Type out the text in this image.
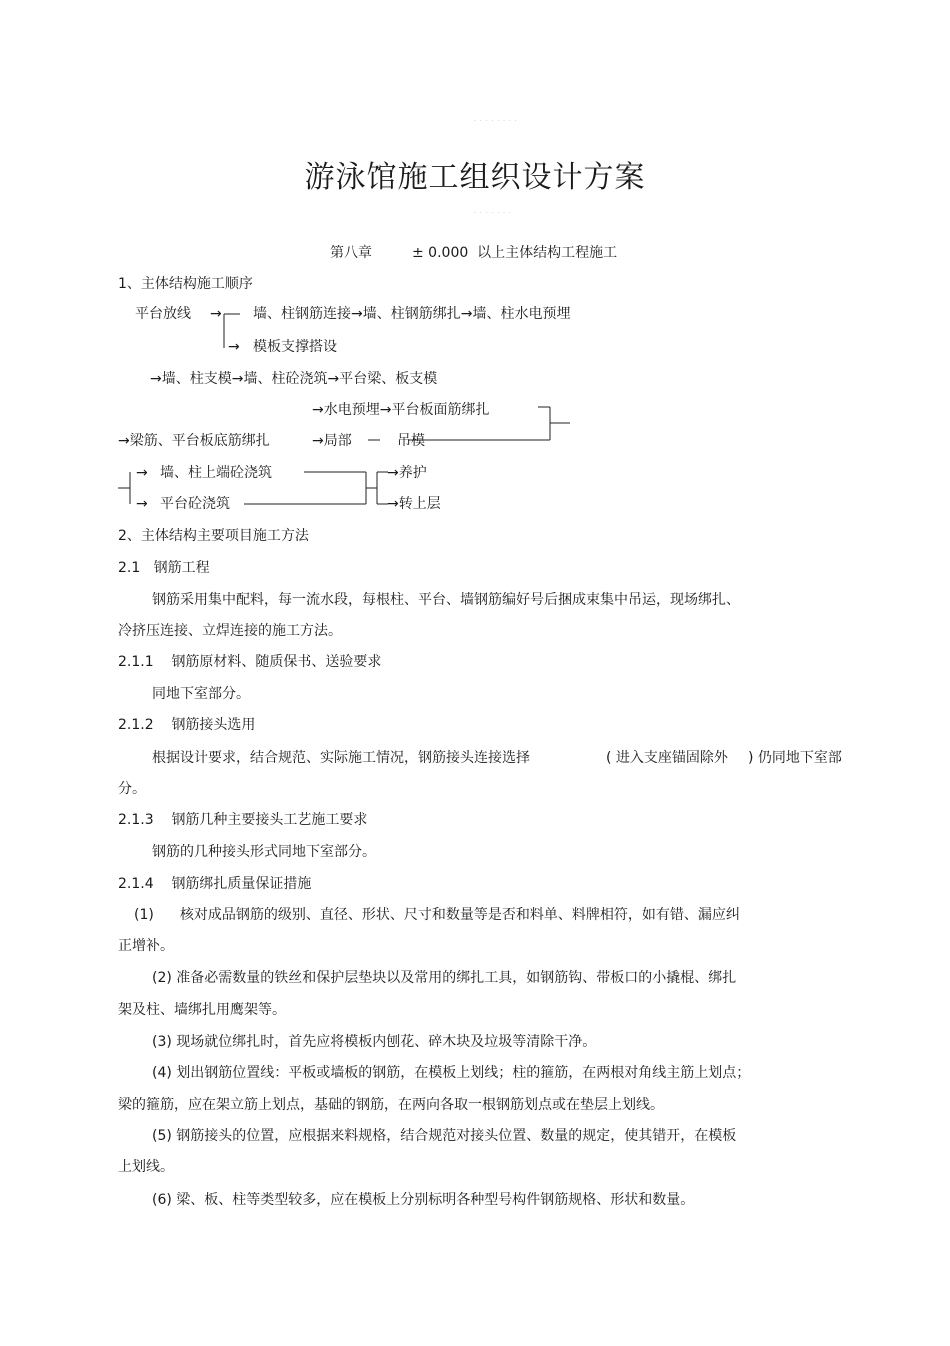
· · · · · · · ·
游泳馆施工组织设计方案
· · · · · · ·
第八章	± 0.000 以上主体结构工程施工
1、主体结构施工顺序
平台放线 → 墙、柱钢筋连接→墙、柱钢筋绑扎→墙、柱水电预埋
→ 模板支撑搭设
→墙、柱支模→墙、柱砼浇筑→平台梁、板支模
→水电预埋→平台板面筋绑扎
→梁筋、平台板底筋绑扎	→局部	吊模
→ 墙、柱上端砼浇筑
→ 平台砼浇筑
→养护
→转上层
2、主体结构主要项目施工方法
2.1 钢筋工程
钢筋采用集中配料，每一流水段，每根柱、平台、墙钢筋编好号后捆成束集中吊运，现场绑扎、
冷挤压连接、立焊连接的施工方法。
2.1.1 钢筋原材料、随质保书、送验要求
同地下室部分。
2.1.2 钢筋接头选用
根据设计要求，结合规范、实际施工情况，钢筋接头连接选择	( 进入支座锚固除外 ) 仍同地下室部
分。
2.1.3 钢筋几种主要接头工艺施工要求
钢筋的几种接头形式同地下室部分。
2.1.4 钢筋绑扎质量保证措施
(1) 核对成品钢筋的级别、直径、形状、尺寸和数量等是否和料单、料牌相符，如有错、漏应纠
正增补。
(2) 准备必需数量的铁丝和保护层垫块以及常用的绑扎工具，如钢筋钩、带板口的小撬棍、绑扎
架及柱、墙绑扎用鹰架等。
(3) 现场就位绑扎时，首先应将模板内刨花、碎木块及垃圾等清除干净。
(4) 划出钢筋位置线：平板或墙板的钢筋，在模板上划线；柱的箍筋，在两根对角线主筋上划点；
梁的箍筋，应在架立筋上划点，基础的钢筋，在两向各取一根钢筋划点或在垫层上划线。
(5) 钢筋接头的位置，应根据来料规格，结合规范对接头位置、数量的规定，使其错开，在模板
上划线。
(6) 梁、板、柱等类型较多，应在模板上分别标明各种型号构件钢筋规格、形状和数量。
